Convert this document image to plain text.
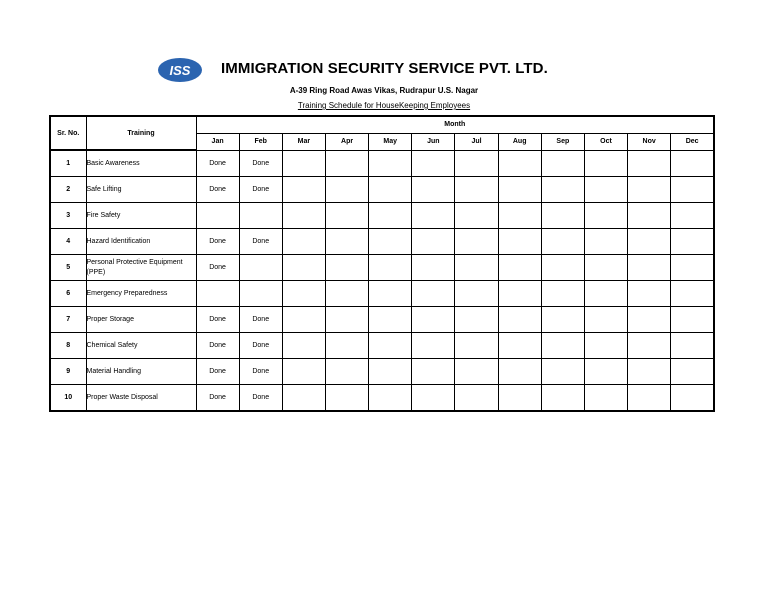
ISS IMMIGRATION SECURITY SERVICE PVT. LTD.
A-39 Ring Road Awas Vikas, Rudrapur U.S. Nagar
Training Schedule for HouseKeeping Employees
Sr. No.	Training	Month											
		Jan	Feb	Mar	Apr	May	Jun	Jul	Aug	Sep	Oct	Nov	Dec
1	Basic Awareness	Done	Done										
2	Safe Lifting	Done	Done										
3	Fire Safety												
4	Hazard Identification	Done	Done										
5	Personal Protective Equipment (PPE)	Done											
6	Emergency Preparedness												
7	Proper Storage	Done	Done										
8	Chemical Safety	Done	Done										
9	Material Handling	Done	Done										
10	Proper Waste Disposal	Done	Done										
